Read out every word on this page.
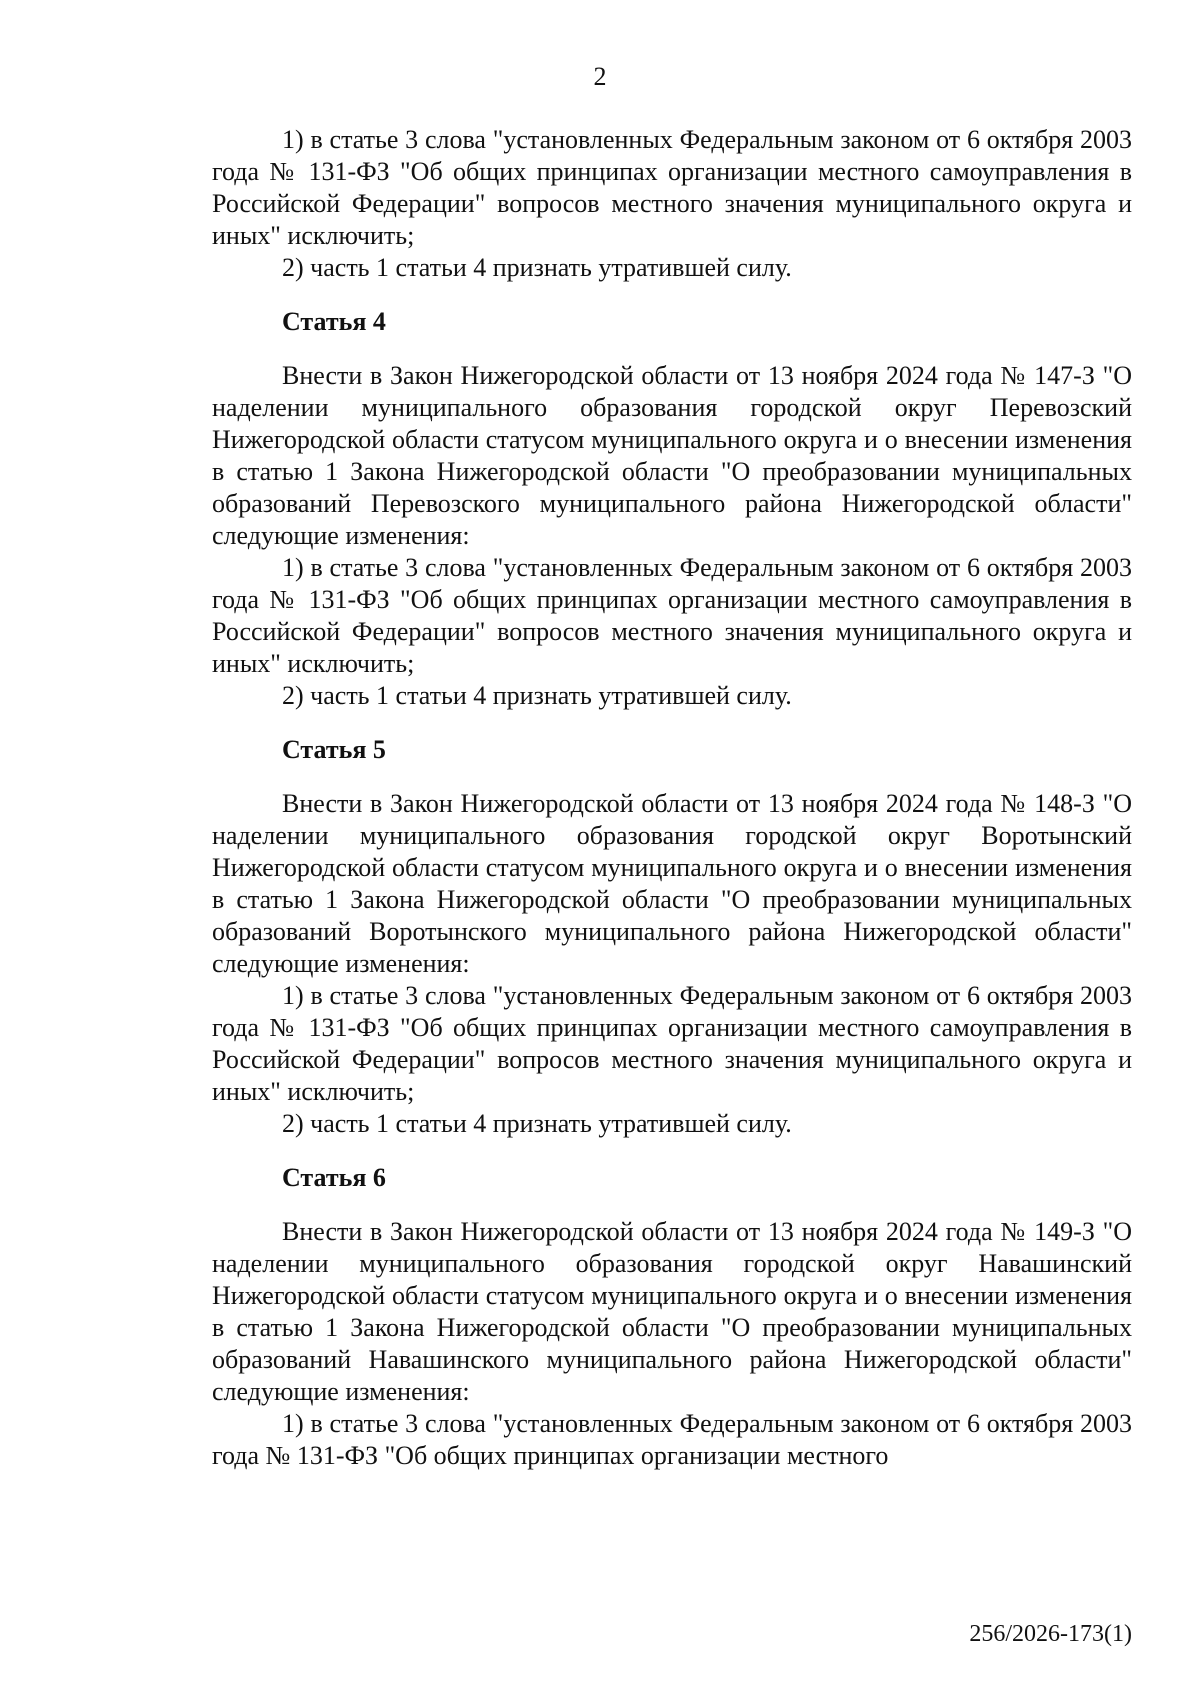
2

1) в статье 3 слова "установленных Федеральным законом от 6 октября 2003 года № 131-ФЗ "Об общих принципах организации местного самоуправления в Российской Федерации" вопросов местного значения муниципального округа и иных" исключить;

2) часть 1 статьи 4 признать утратившей силу.

Статья 4

Внести в Закон Нижегородской области от 13 ноября 2024 года № 147-З "О наделении муниципального образования городской округ Перевозский Нижегородской области статусом муниципального округа и о внесении изменения в статью 1 Закона Нижегородской области "О преобразовании муниципальных образований Перевозского муниципального района Нижегородской области" следующие изменения:

1) в статье 3 слова "установленных Федеральным законом от 6 октября 2003 года № 131-ФЗ "Об общих принципах организации местного самоуправления в Российской Федерации" вопросов местного значения муниципального округа и иных" исключить;

2) часть 1 статьи 4 признать утратившей силу.

Статья 5

Внести в Закон Нижегородской области от 13 ноября 2024 года № 148-З "О наделении муниципального образования городской округ Воротынский Нижегородской области статусом муниципального округа и о внесении изменения в статью 1 Закона Нижегородской области "О преобразовании муниципальных образований Воротынского муниципального района Нижегородской области" следующие изменения:

1) в статье 3 слова "установленных Федеральным законом от 6 октября 2003 года № 131-ФЗ "Об общих принципах организации местного самоуправления в Российской Федерации" вопросов местного значения муниципального округа и иных" исключить;

2) часть 1 статьи 4 признать утратившей силу.

Статья 6

Внести в Закон Нижегородской области от 13 ноября 2024 года № 149-З "О наделении муниципального образования городской округ Навашинский Нижегородской области статусом муниципального округа и о внесении изменения в статью 1 Закона Нижегородской области "О преобразовании муниципальных образований Навашинского муниципального района Нижегородской области" следующие изменения:

1) в статье 3 слова "установленных Федеральным законом от 6 октября 2003 года № 131-ФЗ "Об общих принципах организации местного

256/2026-173(1)
